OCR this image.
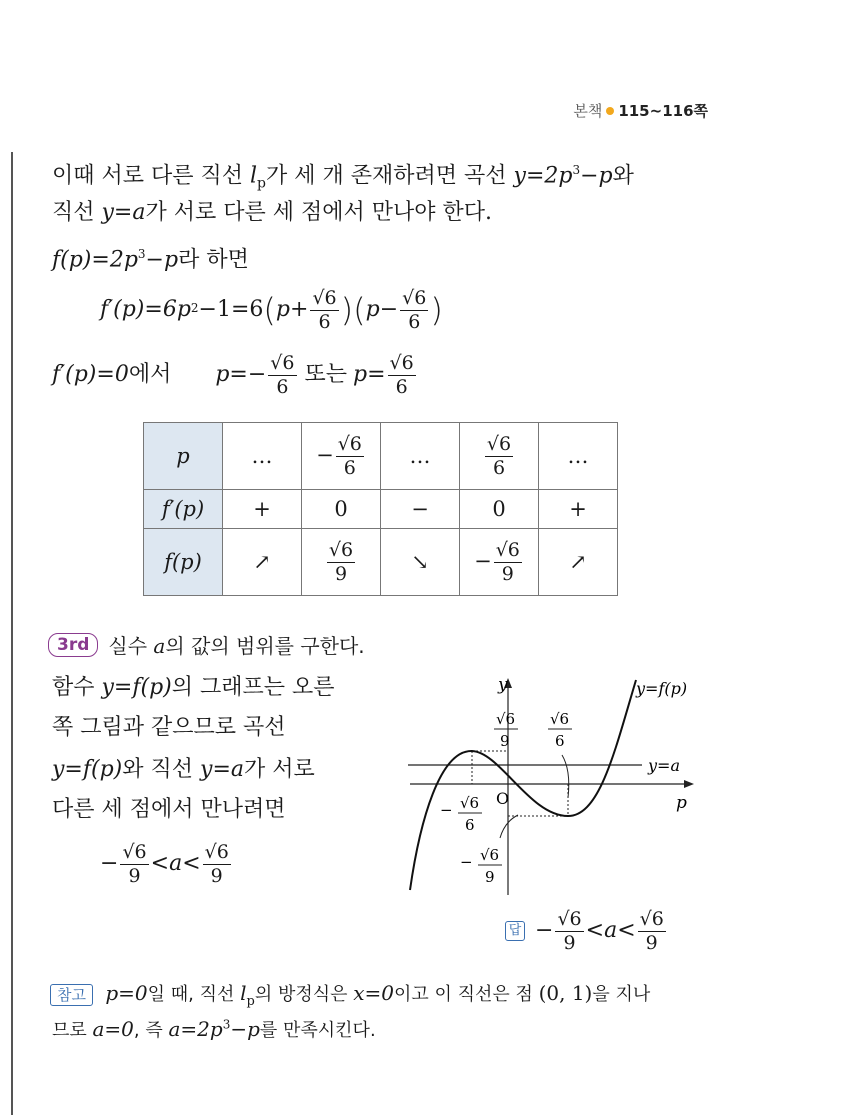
본책 115~116쪽
이때 서로 다른 직선 $l_p$가 세 개 존재하려면 곡선 $y=2p^3-p$와
직선 y=a가 서로 다른 세 점에서 만나야 한다.
$f(p)=2p^3-p$라 하면
f′(p)=6p 2 −1=6 ( $p+ \frac{√6}{6}$ ) ( $p- \frac{√6}{6}$ )
f′(p)=0 에서 $p=- \frac{√6}{6}$ 또는 $p= \frac{√6}{6}$
p	…	− $\frac{√6}{6}$	…	$\frac{√6}{6}$	…
f′(p)	+	0	−	0	+
f(p)	↗	$\frac{√6}{9}$	↘	− $\frac{√6}{9}$	↗
3rd 실수 a의 값의 범위를 구한다.
함수 y=f(p)의 그래프는 오른
쪽 그림과 같으므로 곡선
y=f(p)와 직선 y=a가 서로
다른 세 점에서 만나려면
− $\frac{√6}{9} <a< \frac{√6}{9}$
y
p
O
y=f(p)
y=a
√6
9
√6
6
− √6
6
− √6
9
답 − $\frac{√6}{9} <a< \frac{√6}{9}$
참고 p=0일 때, 직선 $l_p$의 방정식은 x=0이고 이 직선은 점 (0, 1)을 지나
므로 a=0, 즉 $a=2p^3-p$를 만족시킨다.
